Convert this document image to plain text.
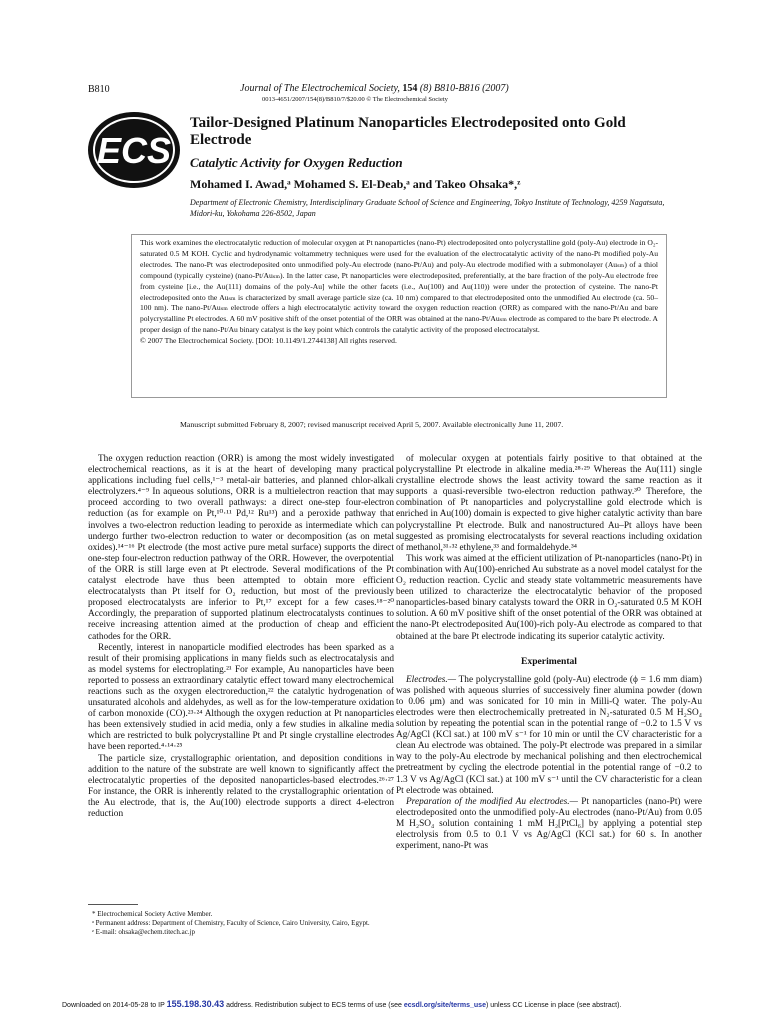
B810	Journal of The Electrochemical Society, 154 (8) B810-B816 (2007)
0013-4651/2007/154(8)/B810/7/$20.00 © The Electrochemical Society
ECS
Tailor-Designed Platinum Nanoparticles Electrodeposited onto Gold Electrode
Catalytic Activity for Oxygen Reduction
Mohamed I. Awad,ᵃ Mohamed S. El-Deab,ᵃ and Takeo Ohsaka*,ᶻ
Department of Electronic Chemistry, Interdisciplinary Graduate School of Science and Engineering, Tokyo Institute of Technology, 4259 Nagatsuta, Midori-ku, Yokohama 226-8502, Japan

This work examines the electrocatalytic reduction of molecular oxygen at Pt nanoparticles (nano-Pt) electrodeposited onto polycrystalline gold (poly-Au) electrode in O₂-saturated 0.5 M KOH. Cyclic and hydrodynamic voltammetry techniques were used for the evaluation of the electrocatalytic activity of the nano-Pt modified poly-Au electrodes. The nano-Pt was electrodeposited onto unmodified poly-Au electrode (nano-Pt/Au) and poly-Au electrode modified with a submonolayer (Auₛₘ) of a thiol compound (typically cysteine) (nano-Pt/Auₛₘ). In the latter case, Pt nanoparticles were electrodeposited, preferentially, at the bare fraction of the poly-Au electrode free from cysteine [i.e., the Au(111) domains of the poly-Au] while the other facets (i.e., Au(100) and Au(110)) were under the protection of cysteine. The nano-Pt electrodeposited onto the Auₛₘ is characterized by small average particle size (ca. 10 nm) compared to that electrodeposited onto the unmodified Au electrode (ca. 50–100 nm). The nano-Pt/Auₛₘ electrode offers a high electrocatalytic activity toward the oxygen reduction reaction (ORR) as compared with the nano-Pt/Au and bare polycrystalline Pt electrodes. A 60 mV positive shift of the onset potential of the ORR was obtained at the nano-Pt/Auₛₘ electrode as compared to the bare Pt electrode. A proper design of the nano-Pt/Au binary catalyst is the key point which controls the catalytic activity of the proposed electrocatalyst.

© 2007 The Electrochemical Society. [DOI: 10.1149/1.2744138] All rights reserved.

Manuscript submitted February 8, 2007; revised manuscript received April 5, 2007. Available electronically June 11, 2007.

The oxygen reduction reaction (ORR) is among the most widely investigated electrochemical reactions, as it is at the heart of developing many practical applications including fuel cells,¹⁻³ metal-air batteries, and planned chlor-alkali electrolyzers.⁴⁻⁹ In aqueous solutions, ORR is a multielectron reaction that may proceed according to two overall pathways: a direct one-step four-electron reduction (as for example on Pt,¹⁰·¹¹ Pd,¹² Ru¹³) and a peroxide pathway that involves a two-electron reduction leading to peroxide as intermediate which can undergo further two-electron reduction to water or decomposition (as on metal oxides).¹⁴⁻¹⁶ Pt electrode (the most active pure metal surface) supports the direct one-step four-electron reduction pathway of the ORR. However, the overpotential of the ORR is still large even at Pt electrode. Several modifications of the Pt catalyst electrode have thus been attempted to obtain more efficient electrocatalysts than Pt itself for O₂ reduction, but most of the previously proposed electrocatalysts are inferior to Pt,¹⁷ except for a few cases.¹⁸⁻²⁰ Accordingly, the preparation of supported platinum electrocatalysts continues to receive increasing attention aimed at the production of cheap and efficient cathodes for the ORR.

Recently, interest in nanoparticle modified electrodes has been sparked as a result of their promising applications in many fields such as electrocatalysis and as model systems for electroplating.²¹ For example, Au nanoparticles have been reported to possess an extraordinary catalytic effect toward many electrochemical reactions such as the oxygen electroreduction,²² the catalytic hydrogenation of unsaturated alcohols and aldehydes, as well as for the low-temperature oxidation of carbon monoxide (CO).²³·²⁴ Although the oxygen reduction at Pt nanoparticles has been extensively studied in acid media, only a few studies in alkaline media which are restricted to bulk polycrystalline Pt and Pt single crystalline electrodes have been reported.⁴·¹⁴·²⁵

The particle size, crystallographic orientation, and deposition conditions in addition to the nature of the substrate are well known to significantly affect the electrocatalytic properties of the deposited nanoparticles-based electrodes.²⁶·²⁷ For instance, the ORR is inherently related to the crystallographic orientation of the Au electrode, that is, the Au(100) electrode supports a direct 4-electron reduction

of molecular oxygen at potentials fairly positive to that obtained at the polycrystalline Pt electrode in alkaline media.²⁸·²⁹ Whereas the Au(111) single crystalline electrode shows the least activity toward the same reaction as it supports a quasi-reversible two-electron reduction pathway.³⁰ Therefore, the combination of Pt nanoparticles and polycrystalline gold electrode which is enriched in Au(100) domain is expected to give higher catalytic activity than bare polycrystalline Pt electrode. Bulk and nanostructured Au–Pt alloys have been suggested as promising electrocatalysts for several reactions including oxidation of methanol,³¹·³² ethylene,³³ and formaldehyde.³⁴

This work was aimed at the efficient utilization of Pt-nanoparticles (nano-Pt) in combination with Au(100)-enriched Au substrate as a novel model catalyst for the O₂ reduction reaction. Cyclic and steady state voltammetric measurements have been utilized to characterize the electrocatalytic behavior of the proposed nanoparticles-based binary catalysts toward the ORR in O₂-saturated 0.5 M KOH solution. A 60 mV positive shift of the onset potential of the ORR was obtained at the nano-Pt electrodeposited Au(100)-rich poly-Au electrode as compared to that obtained at the bare Pt electrode indicating its superior catalytic activity.

Experimental

Electrodes.— The polycrystalline gold (poly-Au) electrode (ϕ = 1.6 mm diam) was polished with aqueous slurries of successively finer alumina powder (down to 0.06 μm) and was sonicated for 10 min in Milli-Q water. The poly-Au electrodes were then electrochemically pretreated in N₂-saturated 0.5 M H₂SO₄ solution by repeating the potential scan in the potential range of −0.2 to 1.5 V vs Ag/AgCl (KCl sat.) at 100 mV s⁻¹ for 10 min or until the CV characteristic for a clean Au electrode was obtained. The poly-Pt electrode was prepared in a similar way to the poly-Au electrode by mechanical polishing and then electrochemical pretreatment by cycling the electrode potential in the potential range of −0.2 to 1.3 V vs Ag/AgCl (KCl sat.) at 100 mV s⁻¹ until the CV characteristic for a clean Pt electrode was obtained.

Preparation of the modified Au electrodes.— Pt nanoparticles (nano-Pt) were electrodeposited onto the unmodified poly-Au electrodes (nano-Pt/Au) from 0.05 M H₂SO₄ solution containing 1 mM H₂[PtCl₆] by applying a potential step electrolysis from 0.5 to 0.1 V vs Ag/AgCl (KCl sat.) for 60 s. In another experiment, nano-Pt was

* Electrochemical Society Active Member.

ᵃ Permanent address: Department of Chemistry, Faculty of Science, Cairo University, Cairo, Egypt.

ᶻ E-mail: ohsaka@echem.titech.ac.jp

Downloaded on 2014-05-28 to IP 155.198.30.43 address. Redistribution subject to ECS terms of use (see ecsdl.org/site/terms_use) unless CC License in place (see abstract).
